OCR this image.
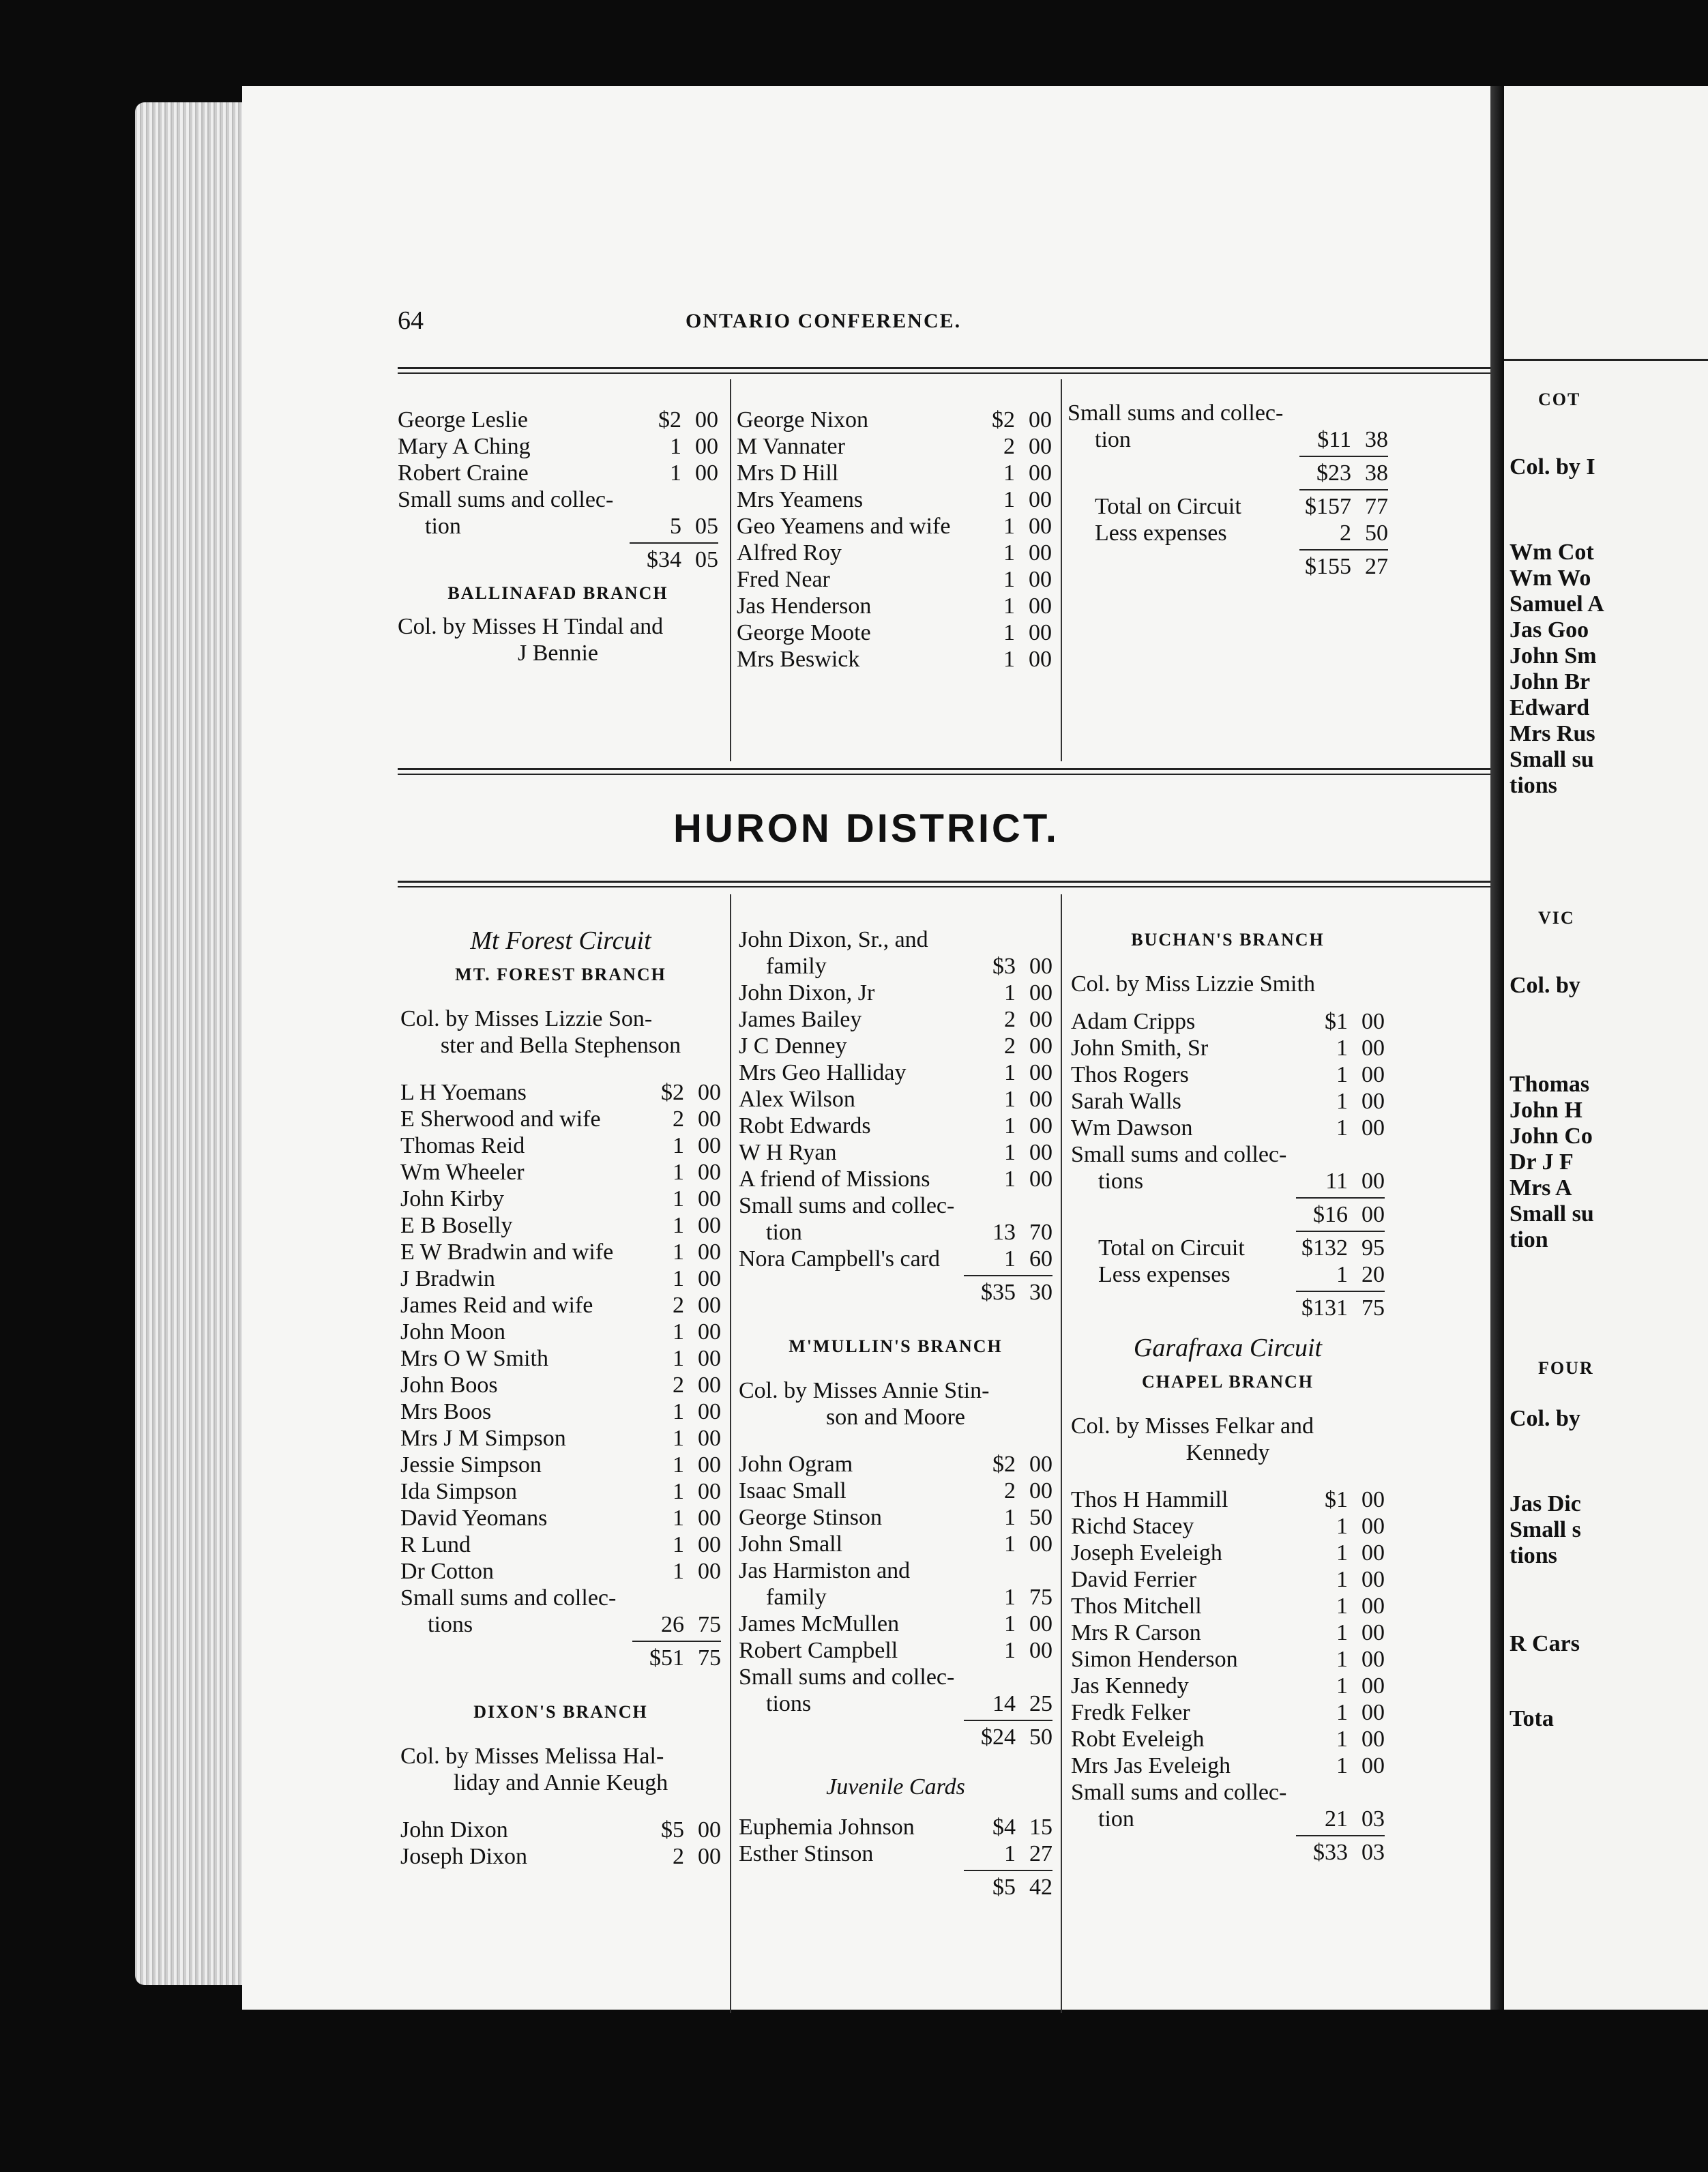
64	ONTARIO CONFERENCE.
George Leslie	$2 00
Mary A Ching	1 00
Robert Craine	1 00
Small sums and collec-
tion	5 05
$34 05
BALLINAFAD BRANCH
Col. by Misses H Tindal and
J Bennie
George Nixon	$2 00
M Vannater	2 00
Mrs D Hill	1 00
Mrs Yeamens	1 00
Geo Yeamens and wife	1 00
Alfred Roy	1 00
Fred Near	1 00
Jas Henderson	1 00
George Moote	1 00
Mrs Beswick	1 00
Small sums and collec-
tion	$11 38
$23 38
Total on Circuit	$157 77
Less expenses	2 50
$155 27
HURON DISTRICT.
Mt Forest Circuit
MT. FOREST BRANCH
Col. by Misses Lizzie Son-
ster and Bella Stephenson
L H Yoemans	$2 00
E Sherwood and wife	2 00
Thomas Reid	1 00
Wm Wheeler	1 00
John Kirby	1 00
E B Boselly	1 00
E W Bradwin and wife	1 00
J Bradwin	1 00
James Reid and wife	2 00
John Moon	1 00
Mrs O W Smith	1 00
John Boos	2 00
Mrs Boos	1 00
Mrs J M Simpson	1 00
Jessie Simpson	1 00
Ida Simpson	1 00
David Yeomans	1 00
R Lund	1 00
Dr Cotton	1 00
Small sums and collec-
tions	26 75
$51 75
DIXON'S BRANCH
Col. by Misses Melissa Hal-
liday and Annie Keugh
John Dixon	$5 00
Joseph Dixon	2 00
John Dixon, Sr., and
family	$3 00
John Dixon, Jr	1 00
James Bailey	2 00
J C Denney	2 00
Mrs Geo Halliday	1 00
Alex Wilson	1 00
Robt Edwards	1 00
W H Ryan	1 00
A friend of Missions	1 00
Small sums and collec-
tion	13 70
Nora Campbell's card	1 60
$35 30
M'MULLIN'S BRANCH
Col. by Misses Annie Stin-
son and Moore
John Ogram	$2 00
Isaac Small	2 00
George Stinson	1 50
John Small	1 00
Jas Harmiston and
family	1 75
James McMullen	1 00
Robert Campbell	1 00
Small sums and collec-
tions	14 25
$24 50
Juvenile Cards
Euphemia Johnson	$4 15
Esther Stinson	1 27
$5 42
BUCHAN'S BRANCH
Col. by Miss Lizzie Smith
Adam Cripps	$1 00
John Smith, Sr	1 00
Thos Rogers	1 00
Sarah Walls	1 00
Wm Dawson	1 00
Small sums and collec-
tions	11 00
$16 00
Total on Circuit	$132 95
Less expenses	1 20
$131 75
Garafraxa Circuit
CHAPEL BRANCH
Col. by Misses Felkar and
Kennedy
Thos H Hammill	$1 00
Richd Stacey	1 00
Joseph Eveleigh	1 00
David Ferrier	1 00
Thos Mitchell	1 00
Mrs R Carson	1 00
Simon Henderson	1 00
Jas Kennedy	1 00
Fredk Felker	1 00
Robt Eveleigh	1 00
Mrs Jas Eveleigh	1 00
Small sums and collec-
tion	21 03
$33 03
COT
Col. by I
Wm Cot
Wm Wo
Samuel A
Jas Goo
John Sm
John Br
Edward
Mrs Rus
Small su
tions
VIC
Col. by
Thomas
John H
John Co
Dr J F
Mrs A
Small su
tion
FOUR
Col. by
Jas Dic
Small s
tions
R Cars
Tota
